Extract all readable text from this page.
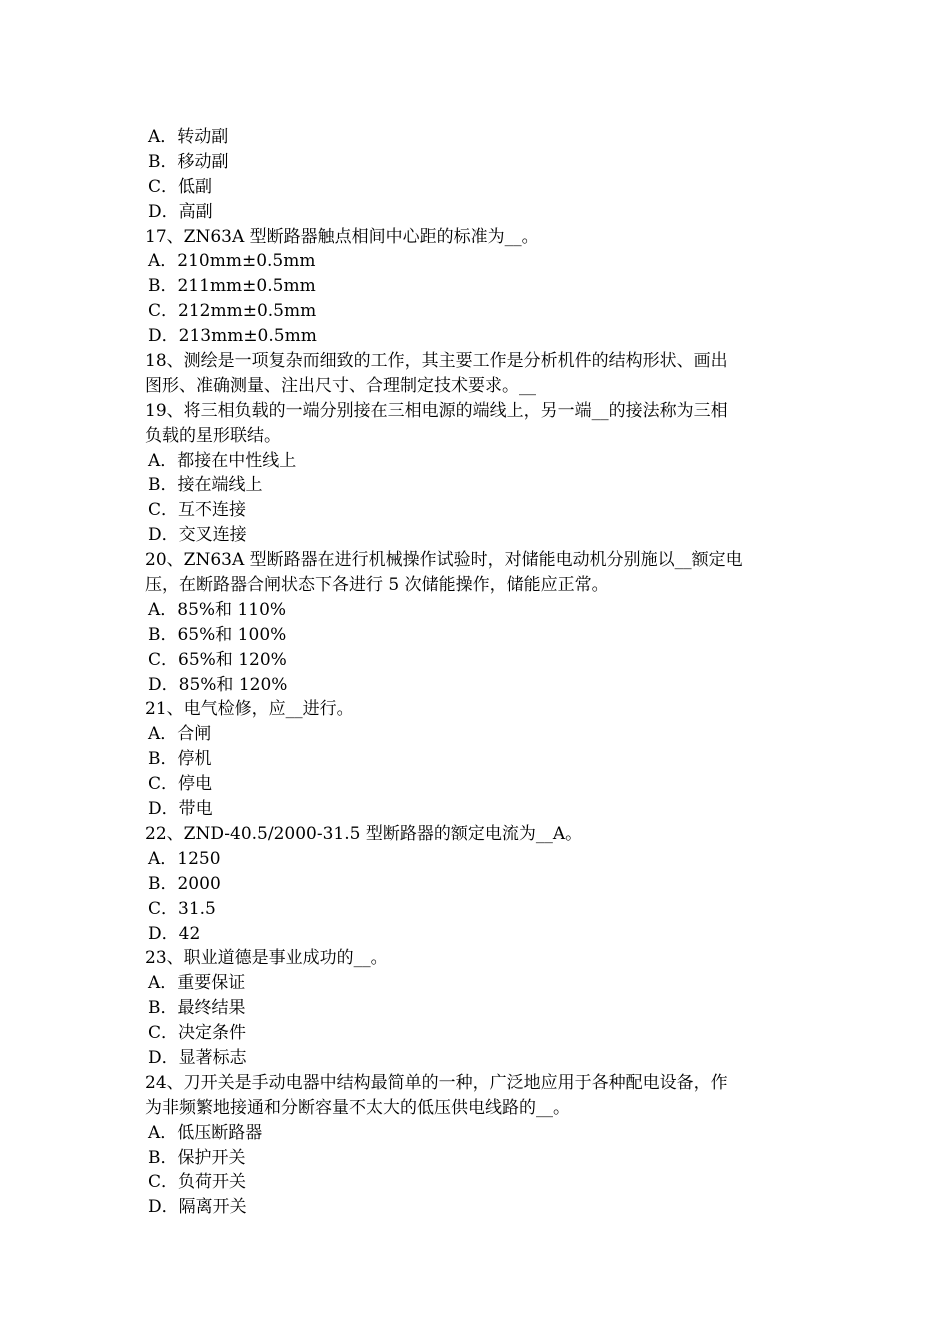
A．转动副
B．移动副
C．低副
D．高副
17、ZN63A 型断路器触点相间中心距的标准为__。
A．210mm±0.5mm
B．211mm±0.5mm
C．212mm±0.5mm
D．213mm±0.5mm
18、测绘是一项复杂而细致的工作，其主要工作是分析机件的结构形状、画出
图形、准确测量、注出尺寸、合理制定技术要求。__
19、将三相负载的一端分别接在三相电源的端线上，另一端__的接法称为三相
负载的星形联结。
A．都接在中性线上
B．接在端线上
C．互不连接
D．交叉连接
20、ZN63A 型断路器在进行机械操作试验时，对储能电动机分别施以__额定电
压，在断路器合闸状态下各进行 5 次储能操作，储能应正常。
A．85%和 110%
B．65%和 100%
C．65%和 120%
D．85%和 120%
21、电气检修，应__进行。
A．合闸
B．停机
C．停电
D．带电
22、ZND-40.5/2000-31.5 型断路器的额定电流为__A。
A．1250
B．2000
C．31.5
D．42
23、职业道德是事业成功的__。
A．重要保证
B．最终结果
C．决定条件
D．显著标志
24、刀开关是手动电器中结构最简单的一种，广泛地应用于各种配电设备，作
为非频繁地接通和分断容量不太大的低压供电线路的__。
A．低压断路器
B．保护开关
C．负荷开关
D．隔离开关
